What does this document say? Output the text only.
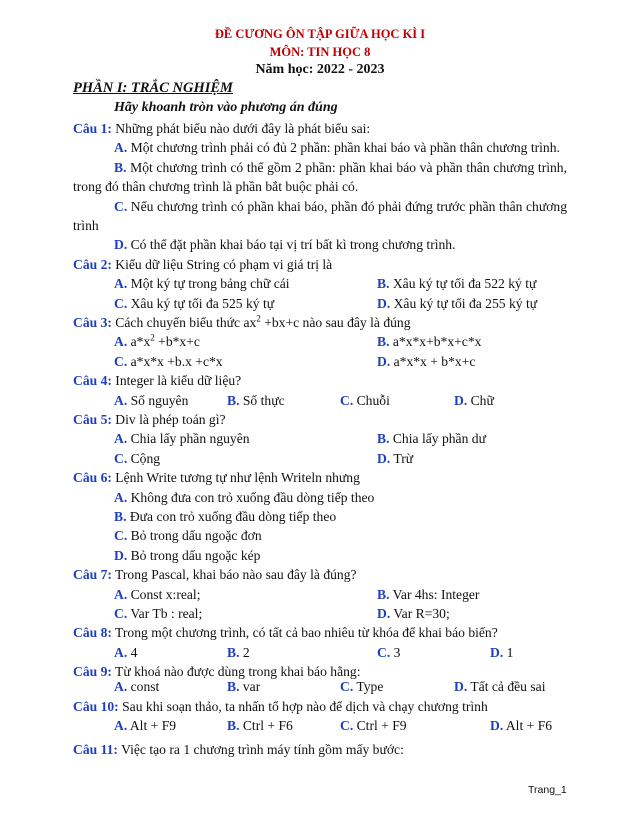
ĐỀ CƯƠNG ÔN TẬP GIỮA HỌC KÌ I
MÔN: TIN HỌC 8
Năm học: 2022 - 2023
PHẦN I: TRẮC NGHIỆM
Hãy khoanh tròn vào phương án đúng
Câu 1: Những phát biểu nào dưới đây là phát biểu sai:
A. Một chương trình phải có đủ 2 phần: phần khai báo và phần thân chương trình.
B. Một chương trình có thể gồm 2 phần: phần khai báo và phần thân chương trình, trong đó thân chương trình là phần bắt buộc phải có.
C. Nếu chương trình có phần khai báo, phần đó phải đứng trước phần thân chương trình
D. Có thể đặt phần khai báo tại vị trí bất kì trong chương trình.
Câu 2: Kiểu dữ liệu String có phạm vi giá trị là
A. Một ký tự trong bảng chữ cái	B. Xâu ký tự tối đa 522 ký tự
C. Xâu ký tự tối đa 525 ký tự	D. Xâu ký tự tối đa 255 ký tự
Câu 3: Cách chuyển biểu thức $ax^2 +bx+c$ nào sau đây là đúng
A. $a*x^2 +b*x+c$	B. a*x*x+b*x+c*x
C. a*x*x +b.x +c*x	D. a*x*x + b*x+c
Câu 4: Integer là kiểu dữ liệu?
A. Số nguyên	B. Số thực	C. Chuỗi	D. Chữ
Câu 5: Div là phép toán gì?
A. Chia lấy phần nguyên	B. Chia lấy phần dư
C. Cộng	D. Trừ
Câu 6: Lệnh Write tương tự như lệnh Writeln nhưng
A. Không đưa con trỏ xuống đầu dòng tiếp theo
B. Đưa con trỏ xuống đầu dòng tiếp theo
C. Bỏ trong dấu ngoặc đơn
D. Bỏ trong dấu ngoặc kép
Câu 7: Trong Pascal, khai báo nào sau đây là đúng?
A. Const x:real;	B. Var 4hs: Integer
C. Var Tb : real;	D. Var R=30;
Câu 8: Trong một chương trình, có tất cả bao nhiêu từ khóa để khai báo biến?
A. 4	B. 2	C. 3	D. 1
Câu 9: Từ khoá nào được dùng trong khai báo hằng:
A. const	B. var	C. Type	D. Tất cả đều sai
Câu 10: Sau khi soạn thảo, ta nhấn tổ hợp nào để dịch và chạy chương trình
A. Alt + F9	B. Ctrl + F6	C. Ctrl + F9	D. Alt + F6
Câu 11: Việc tạo ra 1 chương trình máy tính gồm mấy bước:
Trang_1
